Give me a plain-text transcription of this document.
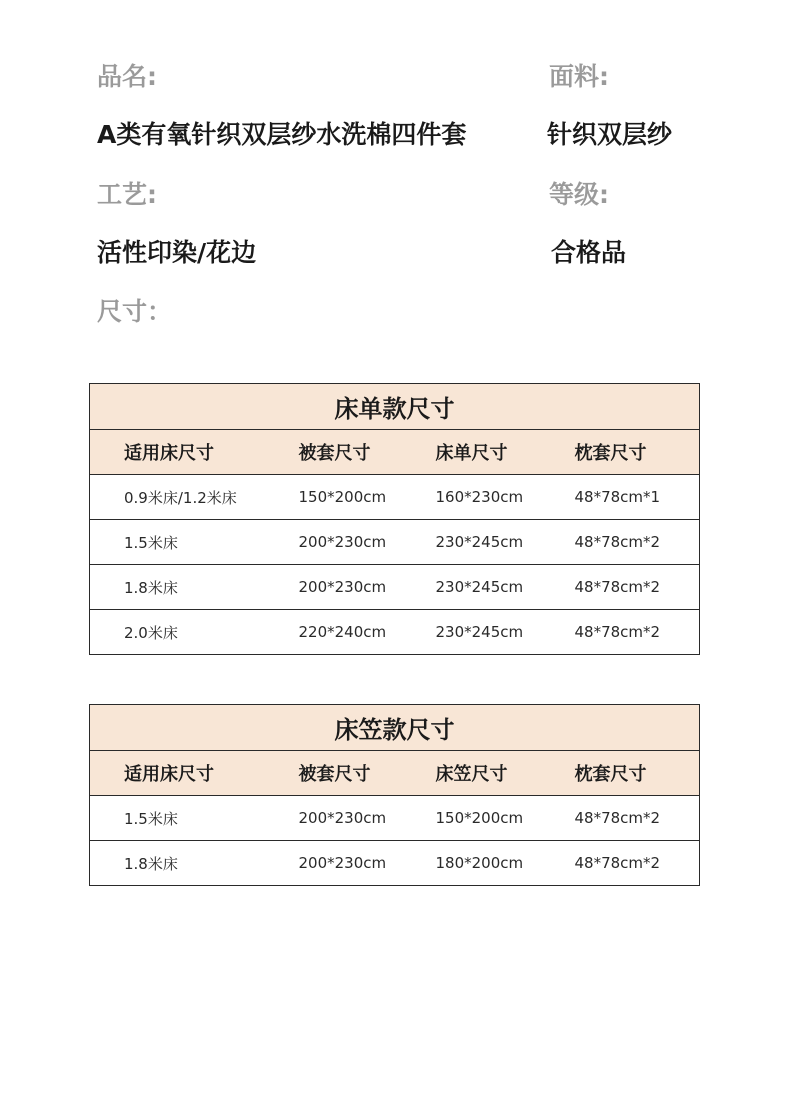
品名:	面料:
A类有氧针织双层纱水洗棉四件套	针织双层纱
工艺:	等级:
活性印染/花边	合格品
尺寸：
床单款尺寸			

适用床尺寸	被套尺寸	床单尺寸	枕套尺寸

0.9米床/1.2米床	150*200cm	160*230cm	48*78cm*1

1.5米床	200*230cm	230*245cm	48*78cm*2

1.8米床	200*230cm	230*245cm	48*78cm*2

2.0米床	220*240cm	230*245cm	48*78cm*2
床笠款尺寸			

适用床尺寸	被套尺寸	床笠尺寸	枕套尺寸

1.5米床	200*230cm	150*200cm	48*78cm*2

1.8米床	200*230cm	180*200cm	48*78cm*2
